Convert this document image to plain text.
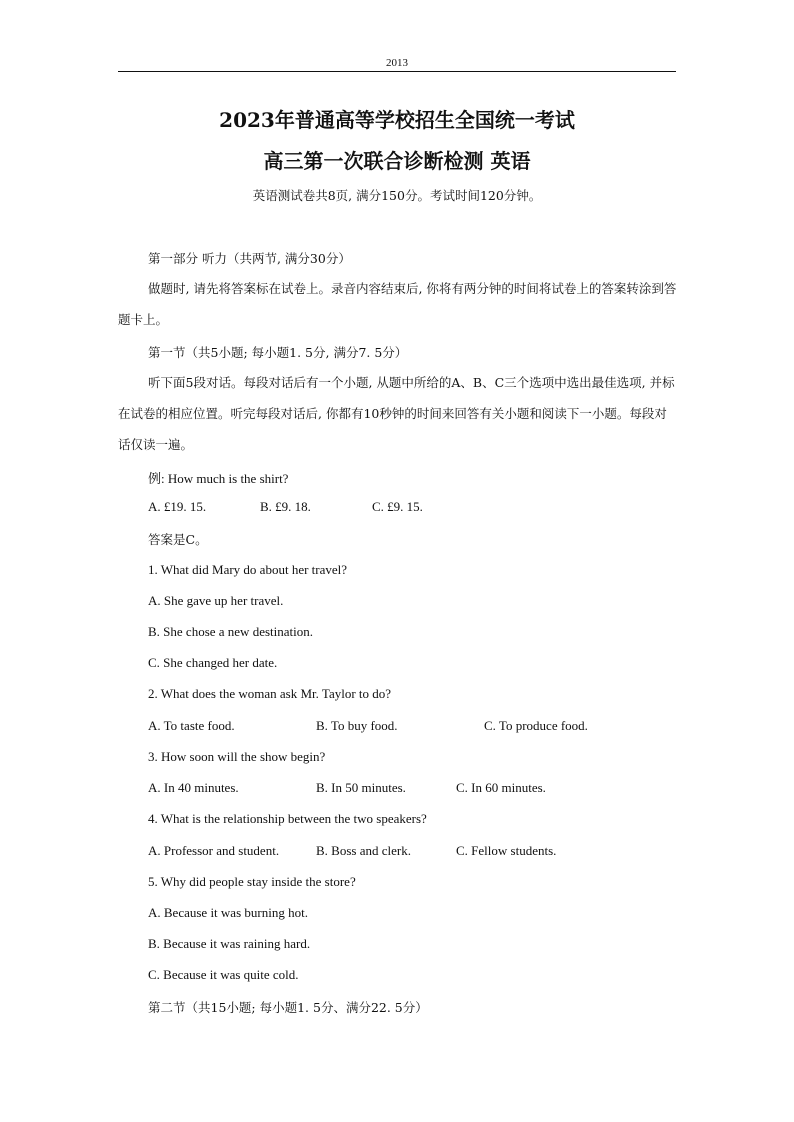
2013
2023年普通高等学校招生全国统一考试
高三第一次联合诊断检测 英语
英语测试卷共8页, 满分150分。考试时间120分钟。
第一部分 听力（共两节, 满分30分）
做题时, 请先将答案标在试卷上。录音内容结束后, 你将有两分钟的时间将试卷上的答案转涂到答题卡上。
第一节（共5小题; 每小题1. 5分, 满分7. 5分）
听下面5段对话。每段对话后有一个小题, 从题中所给的A、B、C三个选项中选出最佳选项, 并标在试卷的相应位置。听完每段对话后, 你都有10秒钟的时间来回答有关小题和阅读下一小题。每段对话仅读一遍。
例: How much is the shirt?
A. £19. 15.	B. £9. 18.	C. £9. 15.
答案是C。
1. What did Mary do about her travel?
A. She gave up her travel.
B. She chose a new destination.
C. She changed her date.
2. What does the woman ask Mr. Taylor to do?
A. To taste food.	B. To buy food.	C. To produce food.
3. How soon will the show begin?
A. In 40 minutes.	B. In 50 minutes.	C. In 60 minutes.
4. What is the relationship between the two speakers?
A. Professor and student.	B. Boss and clerk.	C. Fellow students.
5. Why did people stay inside the store?
A. Because it was burning hot.
B. Because it was raining hard.
C. Because it was quite cold.
第二节（共15小题; 每小题1. 5分、满分22. 5分）
